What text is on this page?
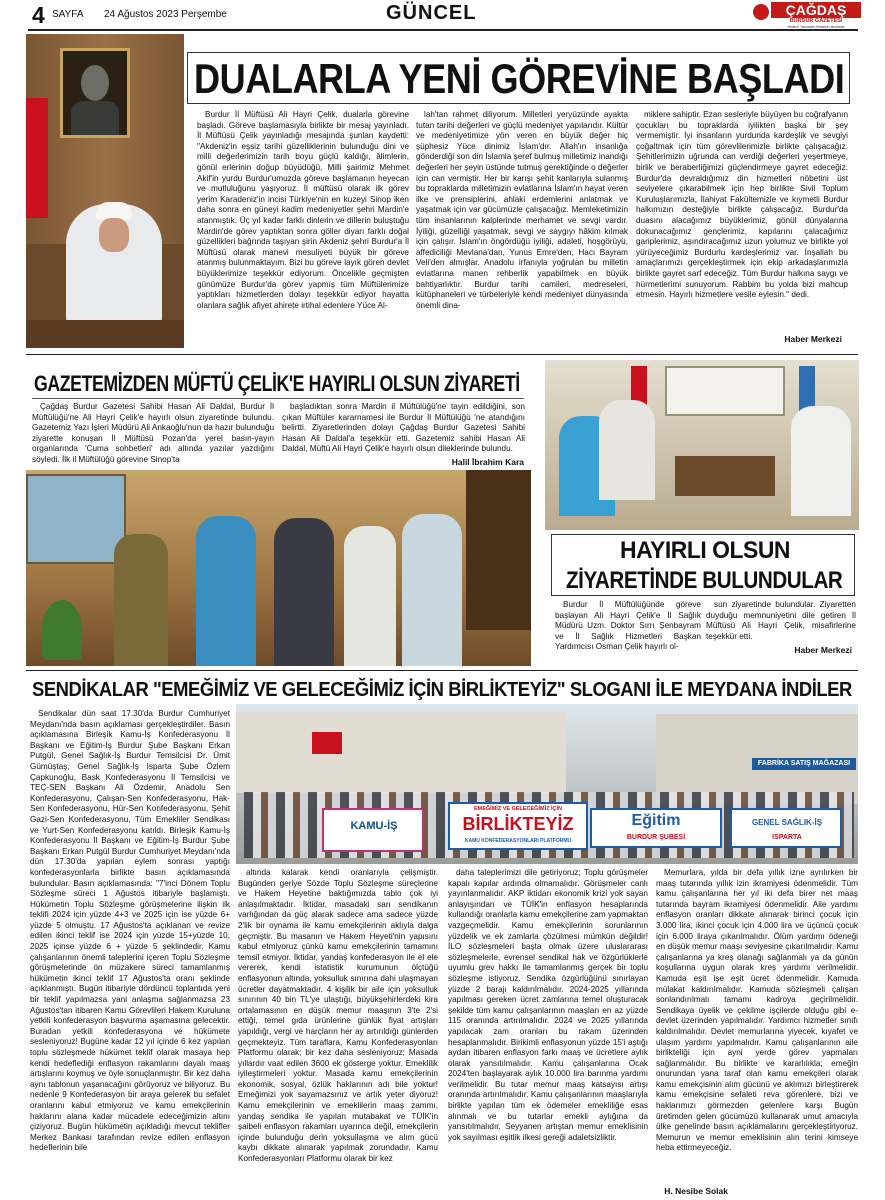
4 SAYFA 24 Ağustos 2023 Perşembe	GÜNCEL	ÇAĞDAŞ
BURDUR GAZETESİ
Halkın Yanında Haberin Ardında
DUALARLA YENİ GÖREVİNE BAŞLADI

Burdur İl Müftüsü Ali Hayri Çelik, dualarla görevine başladı. Göreve başlamasıyla birlikte bir mesaj yayınladı. İl Müftüsü Çelik yayınladığı mesajında şunları kaydetti: "Akdeniz'in eşsiz tarihi güzelliklerinin bulunduğu dini ve milli değerlerimizin tarih boyu güçlü kaldığı, âlimlerin, gönül erlerinin doğup büyüdüğü, Milli şairimiz Mehmet Akif'in yurdu Burdur'umuzda göreve başlamanın heyecan ve mutluluğunu yaşıyoruz. İl müftüsü olarak ilk görev yerim Karadeniz'in incisi Türkiye'nin en kuzeyi Sinop iken daha sonra en güneyi kadim medeniyetler şehri Mardin'e atanmıştık. Üç yıl kadar farklı dinlerin ve dillerin buluştuğu Mardin'de görev yaptıktan sonra göller diyarı farklı doğal güzellikleri bağrında taşıyan şirin Akdeniz şehri Burdur'a İl Müftüsü olarak manevi mesuliyeti büyük bir göreve atanmış bulunmaktayım. Bizi bu göreve layık gören devlet büyüklerimize teşekkür ediyorum. Öncelikle geçmişten günümüze Burdur'da görev yapmış tüm Müftülerimize yaptıkları hizmetlerden dolayı teşekkür ediyor hayatta olanlara sağlık afiyet ahirete irtihal edenlere Yüce Al-

lah'tan rahmet diliyorum. Milletleri yeryüzünde ayakta tutan tarihi değerleri ve güçlü medeniyet yapılarıdır. Kültür ve medeniyetimize yön veren en büyük değer hiç şüphesiz Yüce dinimiz İslam'dır. Allah'ın insanlığa gönderdiği son din İslamla şeref bulmuş milletimiz inandığı değerleri her şeyin üstünde tutmuş gerektiğinde o değerler için can vermiştir. Her bir karışı şehit kanlarıyla sulanmış bu topraklarda milletimizin evlatlarına İslam'ın hayat veren ilke ve prensiplerini, ahlaki erdemlerini anlatmak ve yaşatmak için var gücümüzle çalışacağız. Memleketimizin tüm insanlarının kalplerinde merhamet ve sevgi vardır. İyiliği, güzelliği yaşatmak, sevgi ve saygıyı hâkim kılmak için çalışır. İslam'ın öngördüğü iyiliği, adaleti, hoşgörüyü, affediciliği Mevlana'dan, Yunus Emre'den, Hacı Bayram Veli'den almışlar. Anadolu irfanıyla yoğrulan bu milletin evlatlarına manen rehberlik yapabilmek en büyük bahtiyarlıktır. Burdur tarihi camileri, medreseleri, kütüphaneleri ve türbeleriyle kendi medeniyet dünyasında önemli dina-

miklere sahiptir. Ezan sesleriyle büyüyen bu coğrafyanın çocukları bu topraklarda iyilikten başka bir şey vermemiştir. İyi insanların yurdunda kardeşlik ve sevgiyi çoğaltmak için tüm görevlilerimizle birlikte çalışacağız. Şehitlerimizin uğrunda can verdiği değerleri yeşertmeye, birlik ve beraberliğimizi güçlendirmeye gayret edeceğiz. Burdur'da devraldığımız din hizmetleri nöbetini üst seviyelere çıkarabilmek için hep birlikte Sivil Toplum Kuruluşlarımızla, İlahiyat Fakültemizle ve kıymetli Burdur halkımızın desteğiyle birlikte çalışacağız. Burdur'da duasını alacağımız büyüklerimiz, gönül dünyalarına dokunacağımız gençlerimiz, kapılarını çalacağımız gariplerimiz, aşındıracağımız uzun yolumuz ve birlikte yol yürüyeceğimiz Burdurlu kardeşlerimiz var. İnşallah bu amaçlarımızı gerçekleştirmek için ekip arkadaşlarımızla birlikte gayret sarf edeceğiz. Tüm Burdur halkına saygı ve hürmetlerimi sunuyorum. Rabbim bu yolda bizi mahcup etmesin. Hayırlı hizmetlere vesile eylesin." dedi.

Haber Merkezi
GAZETEMİZDEN MÜFTÜ ÇELİK'E HAYIRLI OLSUN ZİYARETİ

Çağdaş Burdur Gazetesi Sahibi Hasan Ali Daldal, Burdur İl Müftülüğü'ne Ali Hayri Çelik'e hayırlı olsun ziyaretinde bulundu. Gazetemiz Yazı İşleri Müdürü Ali Ankaoğlu'nun da hazır bulunduğu ziyarette konuşan İl Müftüsü Pozan'da yerel basın-yayın organlarında 'Cuma sohbetleri' adı altında yazılar yazdığını söyledi. İlk il Müftülüğü görevine Sinop'ta

başladıktan sonra Mardin il Müftülüğü'ne tayin edildiğini, son çıkan Müftüler kararnamesi ile Burdur İl Müftülüğü 'ne atandığını belirtti. Ziyaretlerinden dolayı Çağdaş Burdur Gazetesi Sahibi Hasan Ali Daldal'a teşekkür etti. Gazetemiz sahibi Hasan Ali Daldal, Müftü Ali Hayri Çelik'e hayırlı olsun dileklerinde bulundu.

Halil İbrahim Kara
HAYIRLI OLSUN
ZİYARETİNDE BULUNDULAR

Burdur İl Müftülüğünde göreve başlayan Ali Hayri Çelik'e İl Sağlık Müdürü Uzm. Doktor Sırrı Şenbayram ve İl Sağlık Hizmetleri Başkan Yardımcısı Osman Çelik hayırlı ol-

sun ziyaretinde bulundular. Ziyaretten duyduğu memnuniyetini dile getiren İl Müftüsü Ali Hayri Çelik, misafirlerine teşekkür etti.

Haber Merkezi
SENDİKALAR "EMEĞİMİZ VE GELECEĞİMİZ İÇİN BİRLİKTEYİZ" SLOGANI İLE MEYDANA İNDİLER
FABRİKA SATIŞ MAĞAZASI
KAMU-İŞ
EMEĞİMİZ VE GELECEĞİMİZ İÇİN
BİRLİKTEYİZ
KAMU KONFEDERASYONLARI PLATFORMU
Eğitim
BURDUR ŞUBESİ
GENEL SAĞLIK-İŞ
ISPARTA

Sendikalar dün saat 17.30'da Burdur Cumhuriyet Meydanı'nda basın açıklaması gerçekleştirdiler. Basın açıklamasına Birleşik Kamu-İş Konfederasyonu İl Başkanı ve Eğitim-İş Burdur Şube Başkanı Erkan Putgül, Genel Sağlık-İş Burdur Temsilcisi Dr. Ümit Gümüştaş, Genel Sağlık-İş Isparta Şube Özlem Çapkunoğlu, Bask Konfederasyonu İl Temsilcisi ve TEÇ-SEN Başkanı Ali Özdemir, Anadolu Sen Konfederasyonu, Çalışan-Sen Konfederasyonu, Hak-Sen Konfederasyonu, Hür-Sen Konfederasyonu, Şehit Gazi-Sen Konfederasyonu, Tüm Emekliler Sendikası ve Yurt-Sen Konfederasyonu katıldı. Birleşik Kamu-İş Konfederasyonu İl Başkanı ve Eğitim-İş Burdur Şube Başkanı Erkan Putgül Burdur Cumhuriyet Meydanı'nda dün 17.30'da yapılan eylem sonrası yaptığı konfederasyonlarla birlikte basın açıklamasında bulundular. Basın açıklamasında: "7'inci Dönem Toplu Sözleşme süreci 1 Ağustos itibariyle başlamıştı. Hükümetin Toplu Sözleşme görüşmelerine ilişkin ilk teklifi 2024 için yüzde 4+3 ve 2025 için ise yüzde 6+ yüzde 5 olmuştu. 17 Ağustos'ta açıklanan ve revize edilen ikinci teklif ise 2024 için yüzde 15+yüzde 10, 2025 içinse yüzde 6 + yüzde 5 şeklindedir. Kamu çalışanlarının önemli taleplerini içeren Toplu Sözleşme görüşmelerinde ön müzakere süreci tamamlanmış hükümetin ikinci teklif 17 Ağustos'ta oranı şeklinde açıklanmıştı. Bugün itibariyle dördüncü toplantıda yeni bir teklif yapılmazsa yani anlaşma sağlanmazsa 23 Ağustos'tan itibaren Kamu Görevlileri Hakem Kuruluna yetkili konfederasyon başvurma aşamasına gelecektir. Buradan yetkili konfederasyona ve hükümete sesleniyoruz! Bugüne kadar 12 yıl içinde 6 kez yapılan toplu sözleşmede hükümet teklif olarak masaya hep kendi hedeflediği enflasyon rakamlarını dayalı maaş artışlarını koymuş ve öyle sonuçlanmıştır. Bir kez daha aynı tablonun yaşanacağını görüyoruz ve biliyoruz. Bu nedenle 9 Konfederasyon bir araya gelerek bu sefalet oranlarını kabul etmiyoruz ve kamu emekçilerinin haklarını alana kadar mücadele edeceğimizin altını çiziyoruz. Bugün hükümetin açıkladığı mevcut teklifler Merkez Bankası tarafından revize edilen enflasyon hedeflerinin bile

altında kalarak kendi oranlarıyla çelişmiştir. Bugünden geriye Sözde Toplu Sözleşme süreçlerine ve Hakem Heyetine baktığımızda tablo çok iyi anlaşılmaktadır. İktidar, masadaki sarı sendikanın varlığından da güç alarak sadece ama sadece yüzde 2'lik bir oynama ile kamu emekçilerinin aklıyla dalga geçmiştir. Bu masanın ve Hakem Heyeti'nin yapısını kabul etmiyoruz çünkü kamu emekçilerinin tamamını temsil etmiyor. İktidar, yandaş konfederasyon ile el ele vererek, kendi istatistik kurumunun ölçtüğü enflasyonun altında, yoksulluk sınırına dahi ulaşmayan ücretler dayatmaktadır. 4 kişilik bir aile için yoksulluk sınırının 40 bin TL'ye ulaştığı, büyükşehirlerdeki kira ortalamasının en düşük memur maaşının 3'te 2'si ettiği, temel gıda ürünlerine günlük fiyat artışları yapıldığı, vergi ve harçların her ay artırıldığı günlerden geçmekteyiz. Tüm taraflara, Kamu Konfederasyonları Platformu olarak; bir kez daha sesleniyoruz; Masada yıllardır vaat edilen 3600 ek göstergе yoktur. Emeklilik iyileştirmeleri yoktur. Masada kamu emekçilerinin ekonomik, sosyal, özlük haklarının adı bile yoktur! Emeğimizi yok sayamazsınız ve artık yeter diyoruz! Kamu emekçilerinin ve emeklilerin maaş zammı, yandaş sendika ile yapılan mutabakat ve TÜİK'in şaibeli enflasyon rakamları uyarınca değil, emekçilerin içinde bulunduğu derin yoksullaşma ve alım gücü kaybı dikkate alınarak yapılmak zorundadır. Kamu Konfederasyonları Platformu olarak bir kez

daha taleplerimizi dile getiriyoruz; Toplu görüşmeler kapalı kapılar ardında olmamalıdır. Görüşmeler canlı yayınlanmalıdır. AKP iktidarı ekonomik krizi yok sayan anlayışından ve TÜİK'in enflasyon hesaplarında kullandığı oranlarla kamu emekçilerine zam yapmaktan vazgeçmelidir. Kamu emekçilerinin sorunlarının yüzdelik ve ek zamlarla çözülmesi mümkün değildir! İLO sözleşmeleri başta olmak üzere uluslararası sözleşmelerle, evrensel sendikal hak ve özgürlüklerle uyumlu grev hakkı ile tamamlanmış gerçek bir toplu sözleşme istiyoruz. Sendika özgürlüğünü sınırlayan yüzde 2 barajı kaldırılmalıdır. 2024-2025 yıllarında yapılması gereken ücret zamlarına temel oluşturacak şekilde tüm kamu çalışanlarının maaşları en az yüzde 115 oranında artırılmalıdır. 2024 ve 2025 yıllarında yapılacak zam oranları bu rakam üzerinden hesaplanmalıdır. Birikimli enflasyonun yüzde 15'i aştığı aydan itibaren enflasyon farkı maaş ve ücretlere aylık olarak yansıtılmalıdır. Kamu çalışanlarına Ocak 2024'ten başlayarak aylık 10.000 lira barınma yardımı verilmelidir. Bu tutar memur maaş katsayısı artışı oranında artırılmalıdır. Kamu çalışanlarının maaşlarıyla birlikte yapılan tüm ek ödemeler emekliliğe esas alınmalı ve bu tutarlar emekli aylığına da yansıtılmalıdır. Seyyanen artıştan memur emeklisinin yok sayılması eşitlik ilkesi gereği adaletsizliktir.

Memurlara, yılda bir defa yıllık izne ayrılırken bir maaş tutarında yıllık izin ikramiyesi ödenmelidir. Tüm kamu çalışanlarına her yıl iki defa birer net maaş tutarında bayram ikramiyesi ödenmelidir. Aile yardımı enflasyon oranları dikkate alınarak birinci çocuk için 3.000 lira, ikinci çocuk için 4.000 lira ve üçüncü çocuk için 6.000 liraya çıkarılmalıdır. Ölüm yardımı ödeneği en düşük memur maaşı seviyesine çıkarılmalıdır. Kamu çalışanlarına ya kreş olanağı sağlanmalı ya da günün koşullarına uygun olarak kreş yardımı verilmelidir. Kamuda eşit işe eşit ücret ödenmelidir. Kamuda mülakat kaldırılmalıdır. Kamuda sözleşmeli çalışan sonlandırılmalı tamamı kadroya geçirilmelidir. Sendikaya üyelik ve çekilme işçilerde olduğu gibi e-devlet üzerinden yapılmalıdır. Yardımcı hizmetler sınıfı kaldırılmalıdır. Devlet memurlarına yiyecek, kıyafet ve ulaşım yardımı yapılmalıdır. Kamu çalışanlarının aile birlikteliği için ayni yerde görev yapmaları sağlanmalıdır. Bu birlikte ve kararlılıkla; emeğin onurundan yana taraf olan kamu emekçileri olarak kamu emekçisinin alım gücünü ve aklımızı birleştirerek kamu emekçisine sefaleti reva görenlere, bizi ve haklarımızı görmezden gelenlere karşı Bugün üretimden gelen gücümüzü kullanarak umut amacıyla ülke genelinde basın açıklamalarını gerçekleştiriyoruz. Memurun ve memur emeklisinin alın terini kimseye heba ettirmeyeceğiz.

H. Nesibe Solak
